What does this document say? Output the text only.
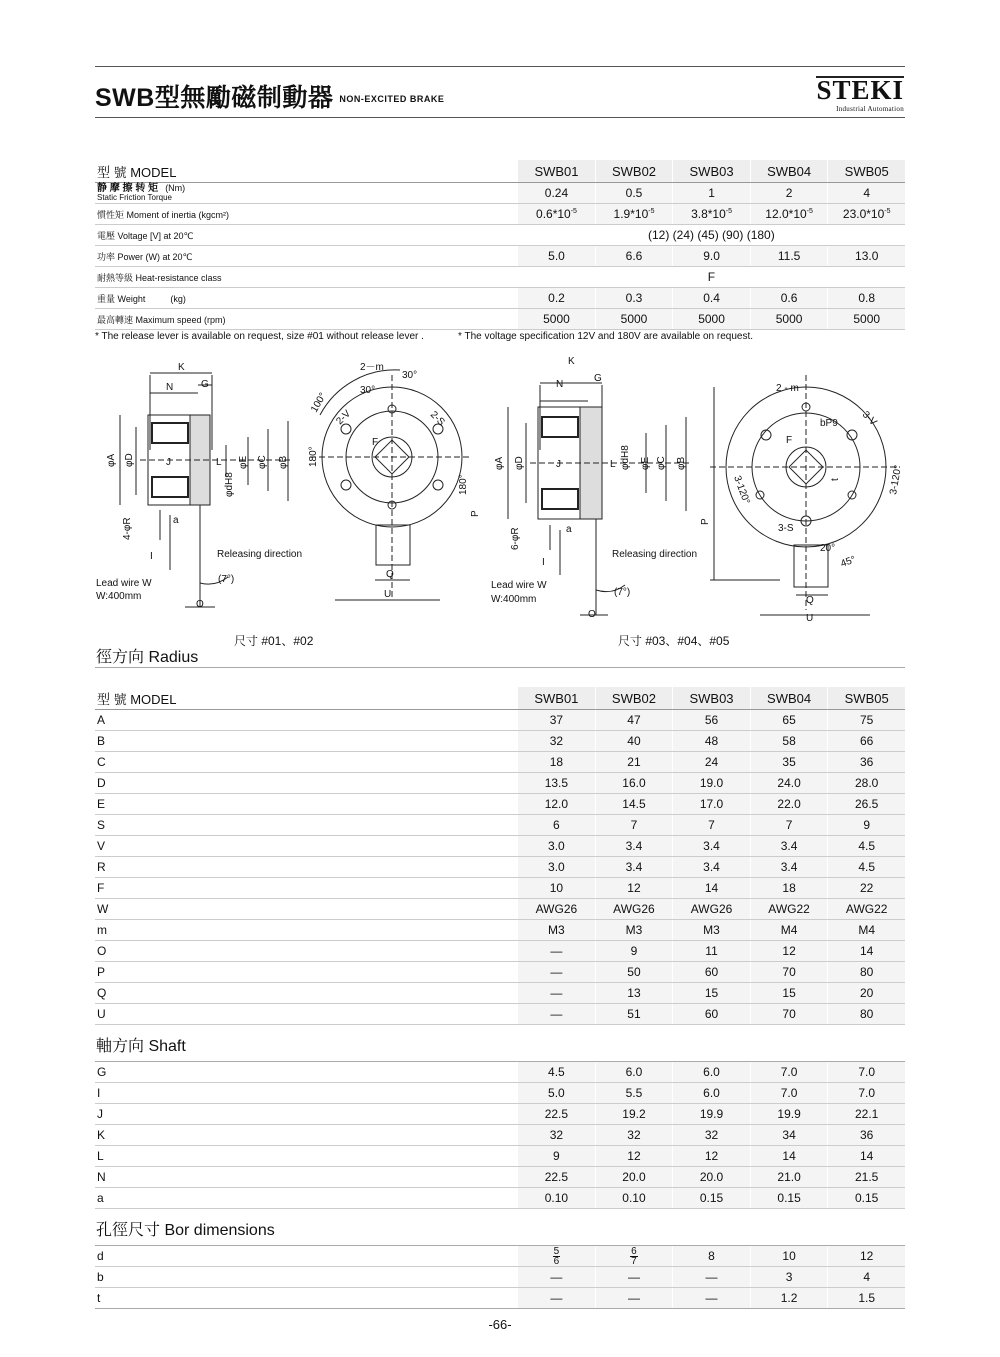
SWB型無勵磁制動器 NON-EXCITED BRAKE	STEKI
Industrial Automation
型 號 MODEL	SWB01	SWB02	SWB03	SWB04	SWB05
静 摩 擦 转 矩 (Nm)
Static Friction Torque	0.24	0.5	1	2	4
慣性矩 Moment of inertia (kgcm²)	$0.6*10^{-5}$	$1.9*10^{-5}$	$3.8*10^{-5}$	$12.0*10^{-5}$	$23.0*10^{-5}$
電壓 Voltage [V] at 20℃	(12) (24) (45) (90) (180)				
功率 Power (W) at 20℃	5.0	6.6	9.0	11.5	13.0
耐熱等級 Heat-resistance class	F				
重量 Weight          (kg)	0.2	0.3	0.4	0.6	0.8
最高轉速 Maximum speed (rpm)	5000	5000	5000	5000	5000
* The release lever is available on request, size #01 without release lever .	* The voltage specification 12V and 180V are available on request.
K
N	G
J	L
φA φD	φE φC φB
φdH8
4-φR	a
I	Releasing direction
Lead wire W
W:400mm
(7°)
O
2－m
30°
30°
100°
180°
180°
2-V	2-S
F
P
Q
U
K
N
G
J	L
φA φD	φdH8 φE φC φB
6-φR	a
I
Releasing direction
Lead wire W
W:400mm
(7°)
O
P
2 - m
bP9 3-V
F
t
3-120°	3-120°
3-S
20°
45°
Q
U
尺寸 #01、#02	尺寸 #03、#04、#05
徑方向 Radius
型 號 MODEL	SWB01	SWB02	SWB03	SWB04	SWB05
A	37	47	56	65	75
B	32	40	48	58	66
C	18	21	24	35	36
D	13.5	16.0	19.0	24.0	28.0
E	12.0	14.5	17.0	22.0	26.5
S	6	7	7	7	9
V	3.0	3.4	3.4	3.4	4.5
R	3.0	3.4	3.4	3.4	4.5
F	10	12	14	18	22
W	AWG26	AWG26	AWG26	AWG22	AWG22
m	M3	M3	M3	M4	M4
O	—	9	11	12	14
P	—	50	60	70	80
Q	—	13	15	15	20
U	—	51	60	70	80
軸方向 Shaft					
G	4.5	6.0	6.0	7.0	7.0
I	5.0	5.5	6.0	7.0	7.0
J	22.5	19.2	19.9	19.9	22.1
K	32	32	32	34	36
L	9	12	12	14	14
N	22.5	20.0	20.0	21.0	21.5
a	0.10	0.10	0.15	0.15	0.15
孔徑尺寸 Bor dimensions					
d	$\frac{5}{6}$	$\frac{6}{7}$	8	10	12
b	—	—	—	3	4
t	—	—	—	1.2	1.5
-66-
